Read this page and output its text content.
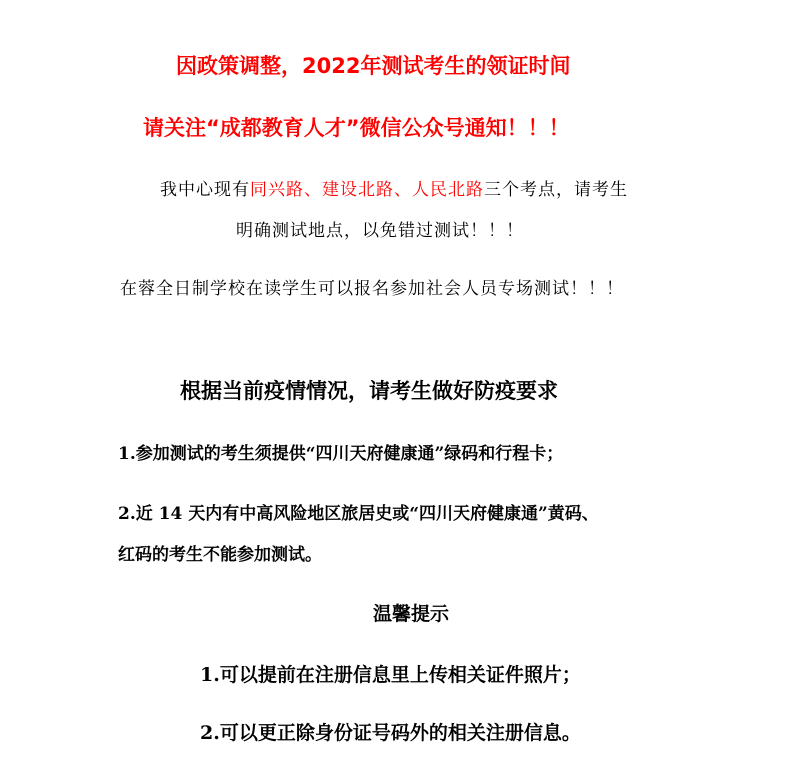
因政策调整，2022年测试考生的领证时间
请关注“成都教育人才”微信公众号通知！！！
我中心现有同兴路、建设北路、人民北路三个考点，请考生
明确测试地点，以免错过测试！！！
在蓉全日制学校在读学生可以报名参加社会人员专场测试！！！
根据当前疫情情况，请考生做好防疫要求
1.参加测试的考生须提供“四川天府健康通”绿码和行程卡；
2.近 14 天内有中高风险地区旅居史或“四川天府健康通”黄码、
红码的考生不能参加测试。
温馨提示
1.可以提前在注册信息里上传相关证件照片；
2.可以更正除身份证号码外的相关注册信息。
